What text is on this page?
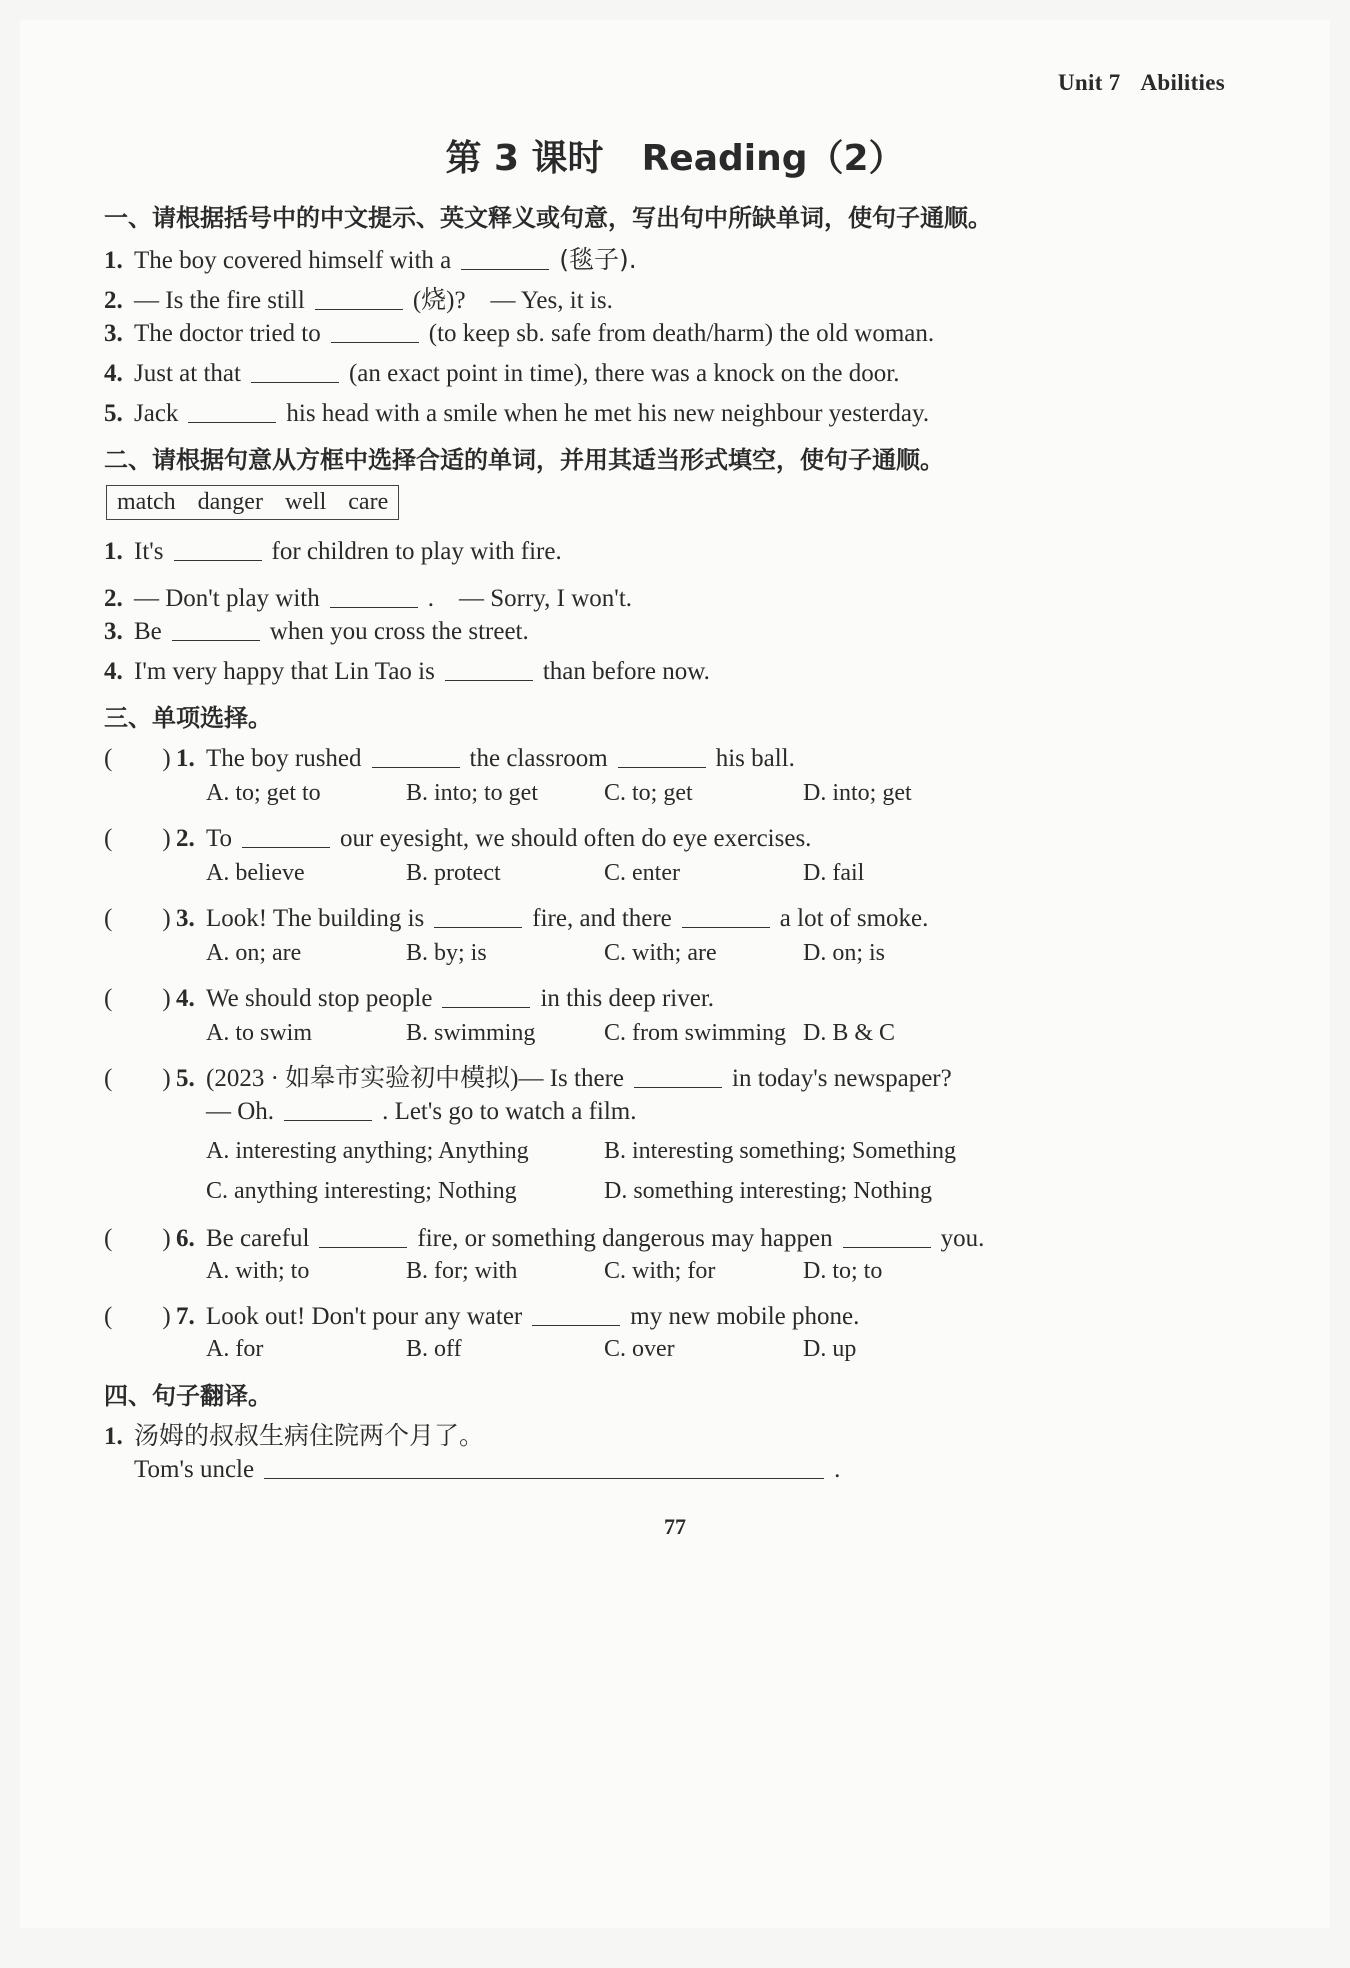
Unit 7 Abilities
第 3 课时 Reading（2）
一、请根据括号中的中文提示、英文释义或句意，写出句中所缺单词，使句子通顺。
1. The boy covered himself with a	(毯子).
2. — Is the fire still	(烧)?　— Yes, it is.
3. The doctor tried to	(to keep sb. safe from death/harm) the old woman.
4. Just at that	(an exact point in time), there was a knock on the door.
5. Jack	his head with a smile when he met his new neighbour yesterday.
二、请根据句意从方框中选择合适的单词，并用其适当形式填空，使句子通顺。
match danger well care
1. It's	for children to play with fire.
2. — Don't play with	.　— Sorry, I won't.
3. Be	when you cross the street.
4. I'm very happy that Lin Tao is	than before now.
三、单项选择。
(　　) 1. The boy rushed	the classroom	his ball.
A. to; get to	B. into; to get	C. to; get	D. into; get
(　　) 2. To	our eyesight, we should often do eye exercises.
A. believe	B. protect	C. enter	D. fail
(　　) 3. Look! The building is	fire, and there	a lot of smoke.
A. on; are	B. by; is	C. with; are	D. on; is
(　　) 4. We should stop people	in this deep river.
A. to swim	B. swimming	C. from swimming D. B & C
(　　) 5. (2023 · 如皋市实验初中模拟)— Is there	in today's newspaper?
— Oh.	. Let's go to watch a film.
A. interesting anything; Anything	B. interesting something; Something
C. anything interesting; Nothing	D. something interesting; Nothing
(　　) 6. Be careful	fire, or something dangerous may happen	you.
A. with; to	B. for; with	C. with; for	D. to; to
(　　) 7. Look out! Don't pour any water	my new mobile phone.
A. for	B. off	C. over	D. up
四、句子翻译。
1. 汤姆的叔叔生病住院两个月了。
Tom's uncle	.
77
